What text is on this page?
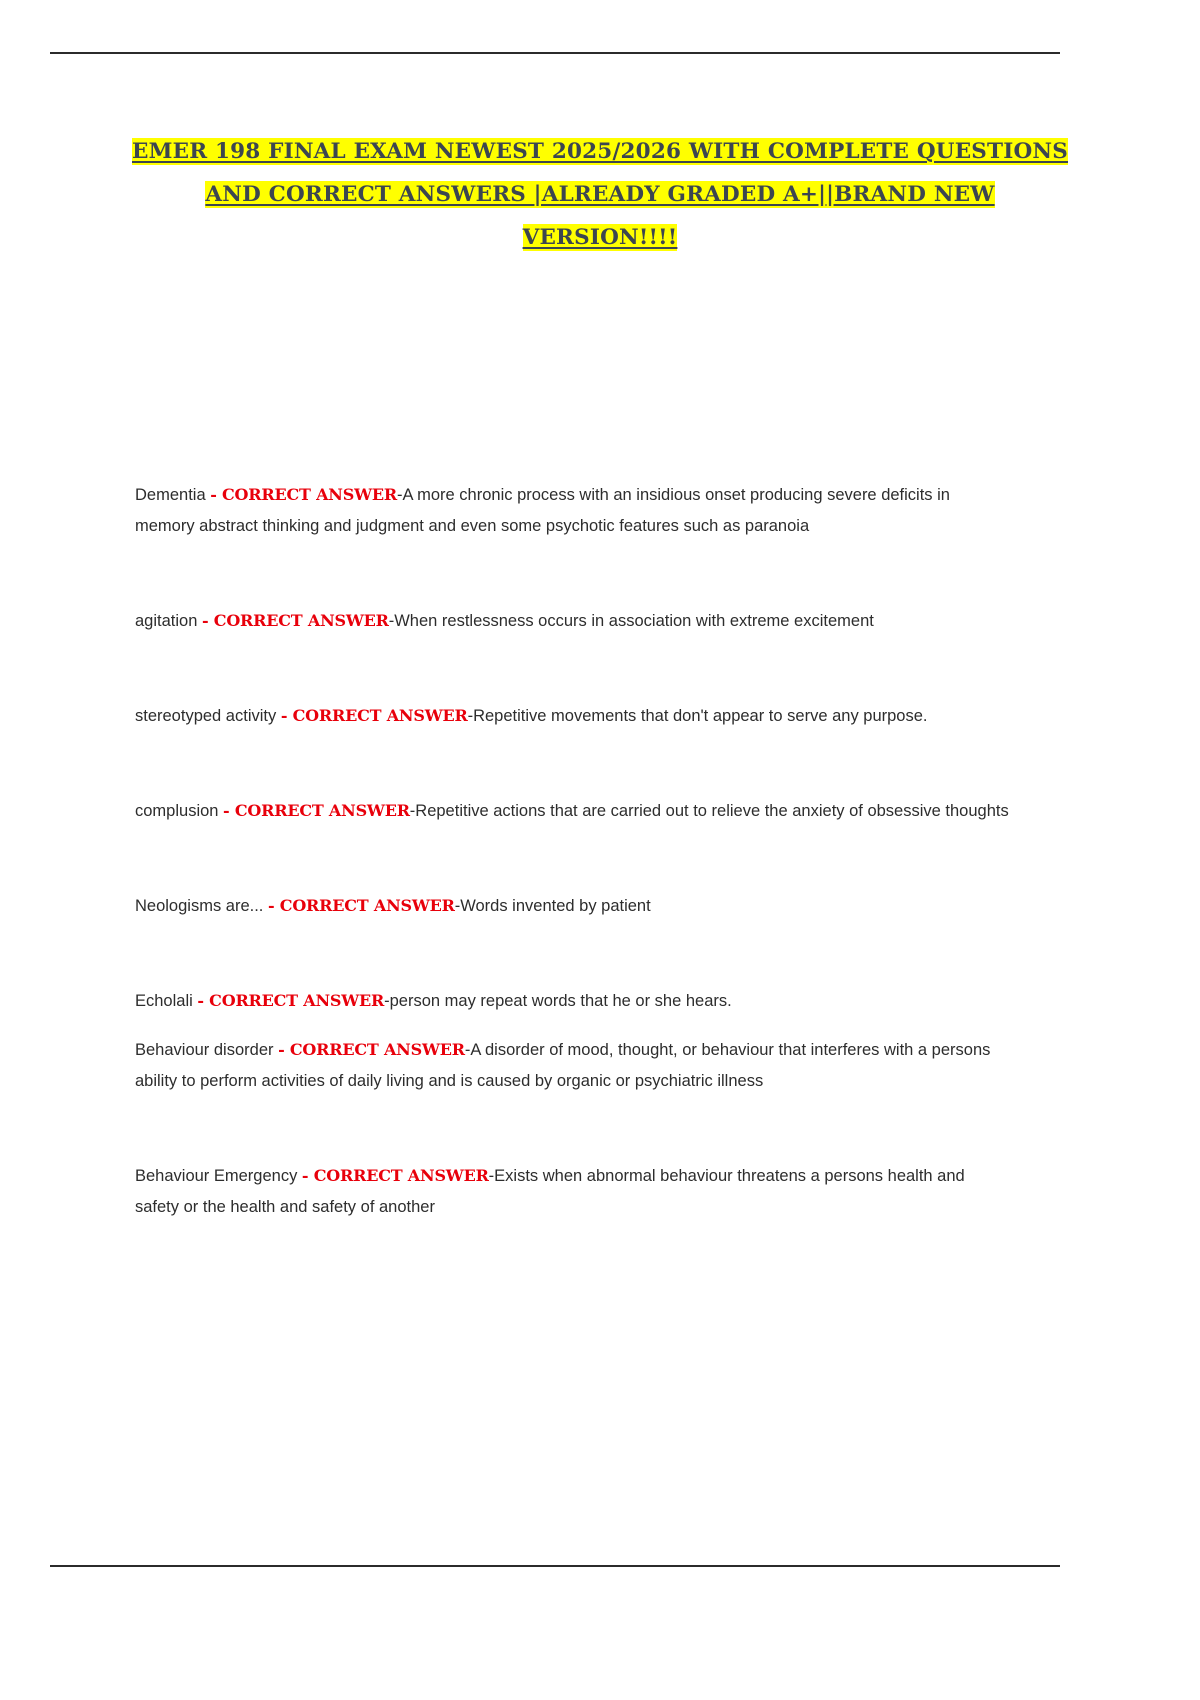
EMER 198 FINAL EXAM NEWEST 2025/2026 WITH COMPLETE QUESTIONS
AND CORRECT ANSWERS |ALREADY GRADED A+||BRAND NEW
VERSION!!!!

Dementia - CORRECT ANSWER-A more chronic process with an insidious onset producing severe deficits in memory abstract thinking and judgment and even some psychotic features such as paranoia

agitation - CORRECT ANSWER-When restlessness occurs in association with extreme excitement

stereotyped activity - CORRECT ANSWER-Repetitive movements that don't appear to serve any purpose.

complusion - CORRECT ANSWER-Repetitive actions that are carried out to relieve the anxiety of obsessive thoughts

Neologisms are... - CORRECT ANSWER-Words invented by patient

Echolali - CORRECT ANSWER-person may repeat words that he or she hears.

Behaviour disorder - CORRECT ANSWER-A disorder of mood, thought, or behaviour that interferes with a persons ability to perform activities of daily living and is caused by organic or psychiatric illness

Behaviour Emergency - CORRECT ANSWER-Exists when abnormal behaviour threatens a persons health and safety or the health and safety of another
